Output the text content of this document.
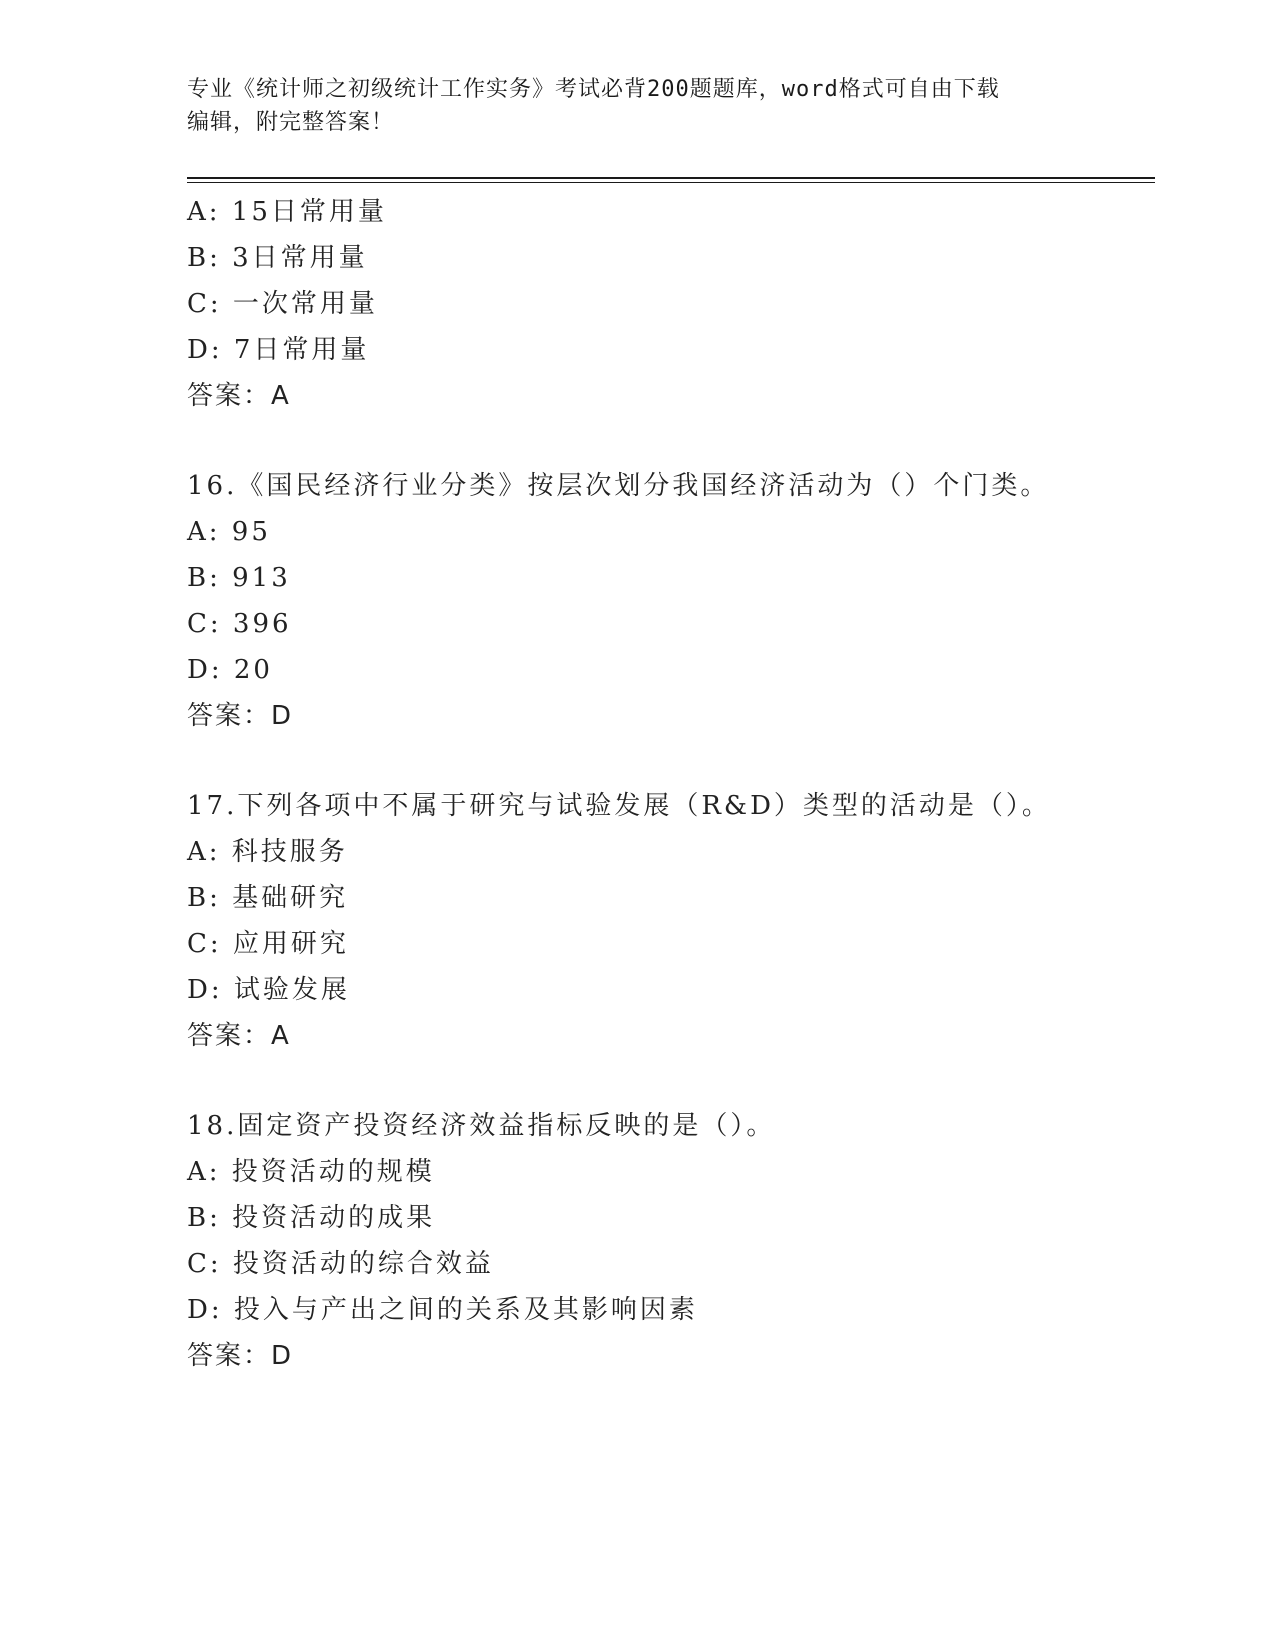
专业《统计师之初级统计工作实务》考试必背200题题库，word格式可自由下载
编辑，附完整答案！
A: 15日常用量
B: 3日常用量
C: 一次常用量
D: 7日常用量
答案：A
16.《国民经济行业分类》按层次划分我国经济活动为（）个门类。
A: 95
B: 913
C: 396
D: 20
答案：D
17.下列各项中不属于研究与试验发展（R&D）类型的活动是（）。
A: 科技服务
B: 基础研究
C: 应用研究
D: 试验发展
答案：A
18.固定资产投资经济效益指标反映的是（）。
A: 投资活动的规模
B: 投资活动的成果
C: 投资活动的综合效益
D: 投入与产出之间的关系及其影响因素
答案：D
